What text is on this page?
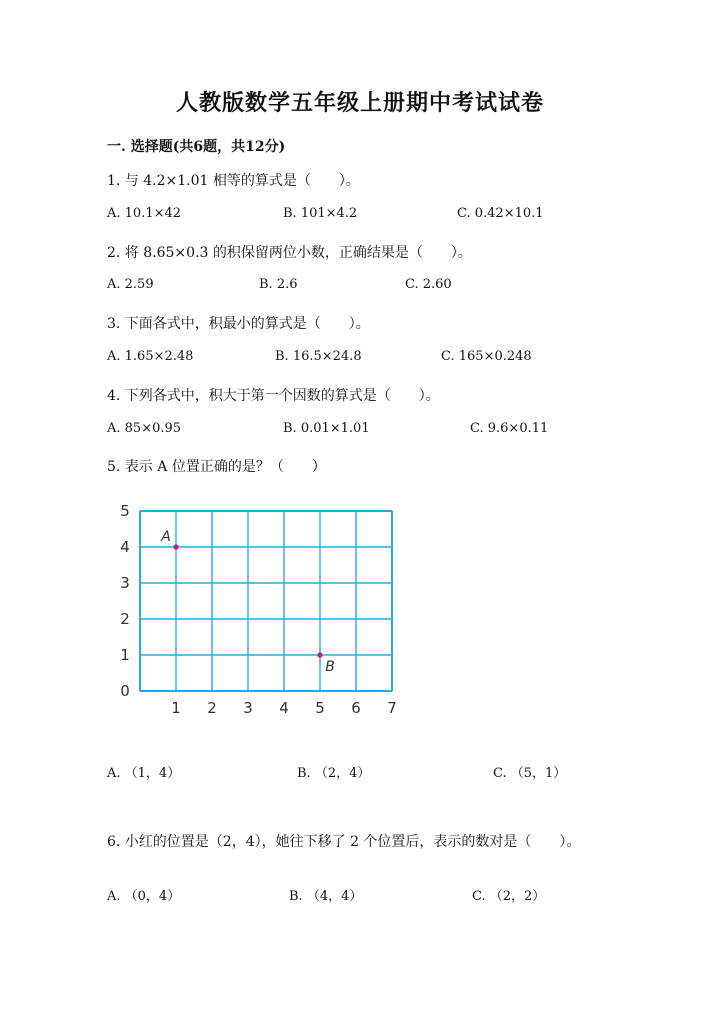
人教版数学五年级上册期中考试试卷
一. 选择题(共6题，共12分)
1. 与 4.2×1.01 相等的算式是（　　）。
A. 10.1×42	B. 101×4.2	C. 0.42×10.1
2. 将 8.65×0.3 的积保留两位小数，正确结果是（　　）。
A. 2.59	B. 2.6	C. 2.60
3. 下面各式中，积最小的算式是（　　）。
A. 1.65×2.48	B. 16.5×24.8	C. 165×0.248
4. 下列各式中，积大于第一个因数的算式是（　　）。
A. 85×0.95	B. 0.01×1.01	C. 9.6×0.11
5. 表示 A 位置正确的是？（　　）
1 2 3 4 5 6 7
0
1
2
3
4
5
A
B
A. （1，4）	B. （2，4）	C. （5，1）
6. 小红的位置是（2，4），她往下移了 2 个位置后，表示的数对是（　　）。
A. （0，4）	B. （4，4）	C. （2，2）
